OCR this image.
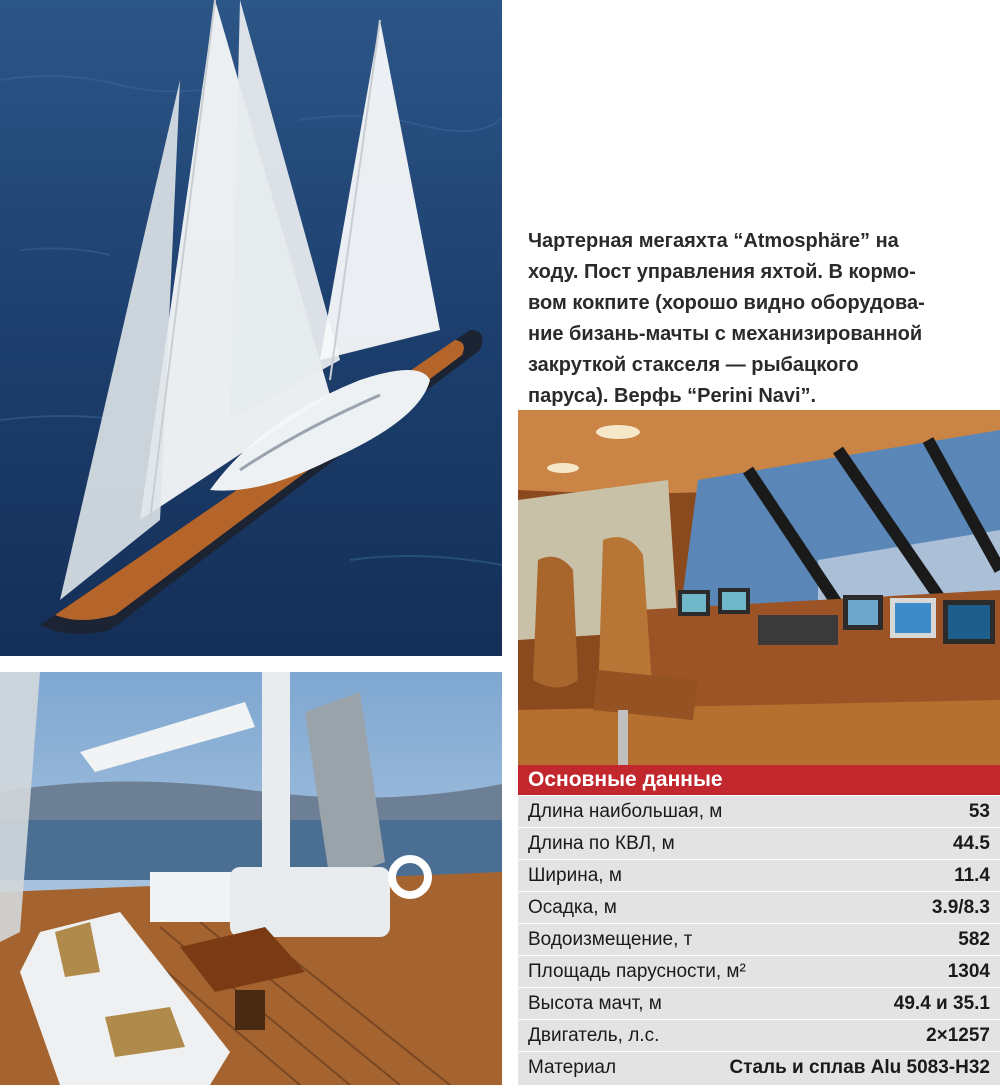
Чартерная мегаяхта “Atmosphäre” на
ходу. Пост управления яхтой. В кормо-
вом кокпите (хорошо видно оборудова-
ние бизань-мачты с механизированной
закруткой стакселя — рыбацкого
паруса). Верфь “Perini Navi”.

Основные данные
Длина наибольшая, м	53
Длина по КВЛ, м	44.5
Ширина, м	11.4
Осадка, м	3.9/8.3
Водоизмещение, т	582
Площадь парусности, м²	1304
Высота мачт, м	49.4 и 35.1
Двигатель, л.с.	2×1257
Материал	Сталь и сплав Alu 5083-H32
